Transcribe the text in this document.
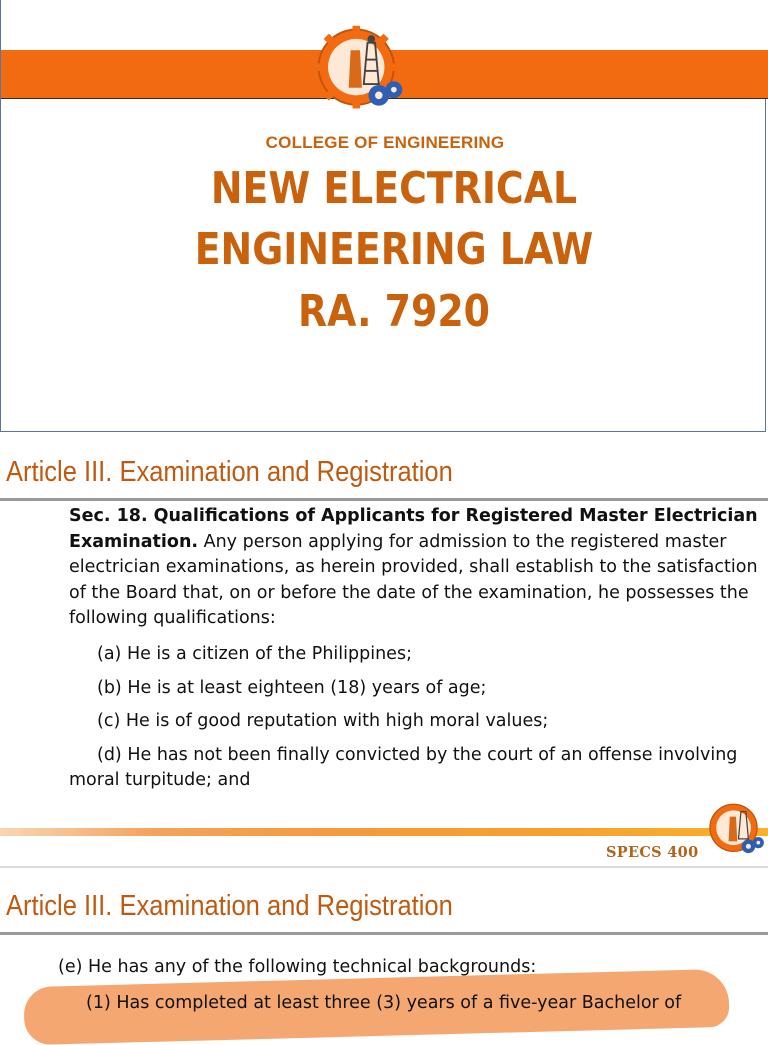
COLLEGE OF ENGINEERING
NEW ELECTRICAL
ENGINEERING LAW
RA. 7920
Article III. Examination and Registration

Sec. 18. Qualifications of Applicants for Registered Master Electrician Examination. Any person applying for admission to the registered master electrician examinations, as herein provided, shall establish to the satisfaction of the Board that, on or before the date of the examination, he possesses the following qualifications:

(a) He is a citizen of the Philippines;

(b) He is at least eighteen (18) years of age;

(c) He is of good reputation with high moral values;

(d) He has not been finally convicted by the court of an offense involving moral turpitude; and

SPECS 400
Article III. Examination and Registration

(e) He has any of the following technical backgrounds:

(1) Has completed at least three (3) years of a five-year Bachelor of
